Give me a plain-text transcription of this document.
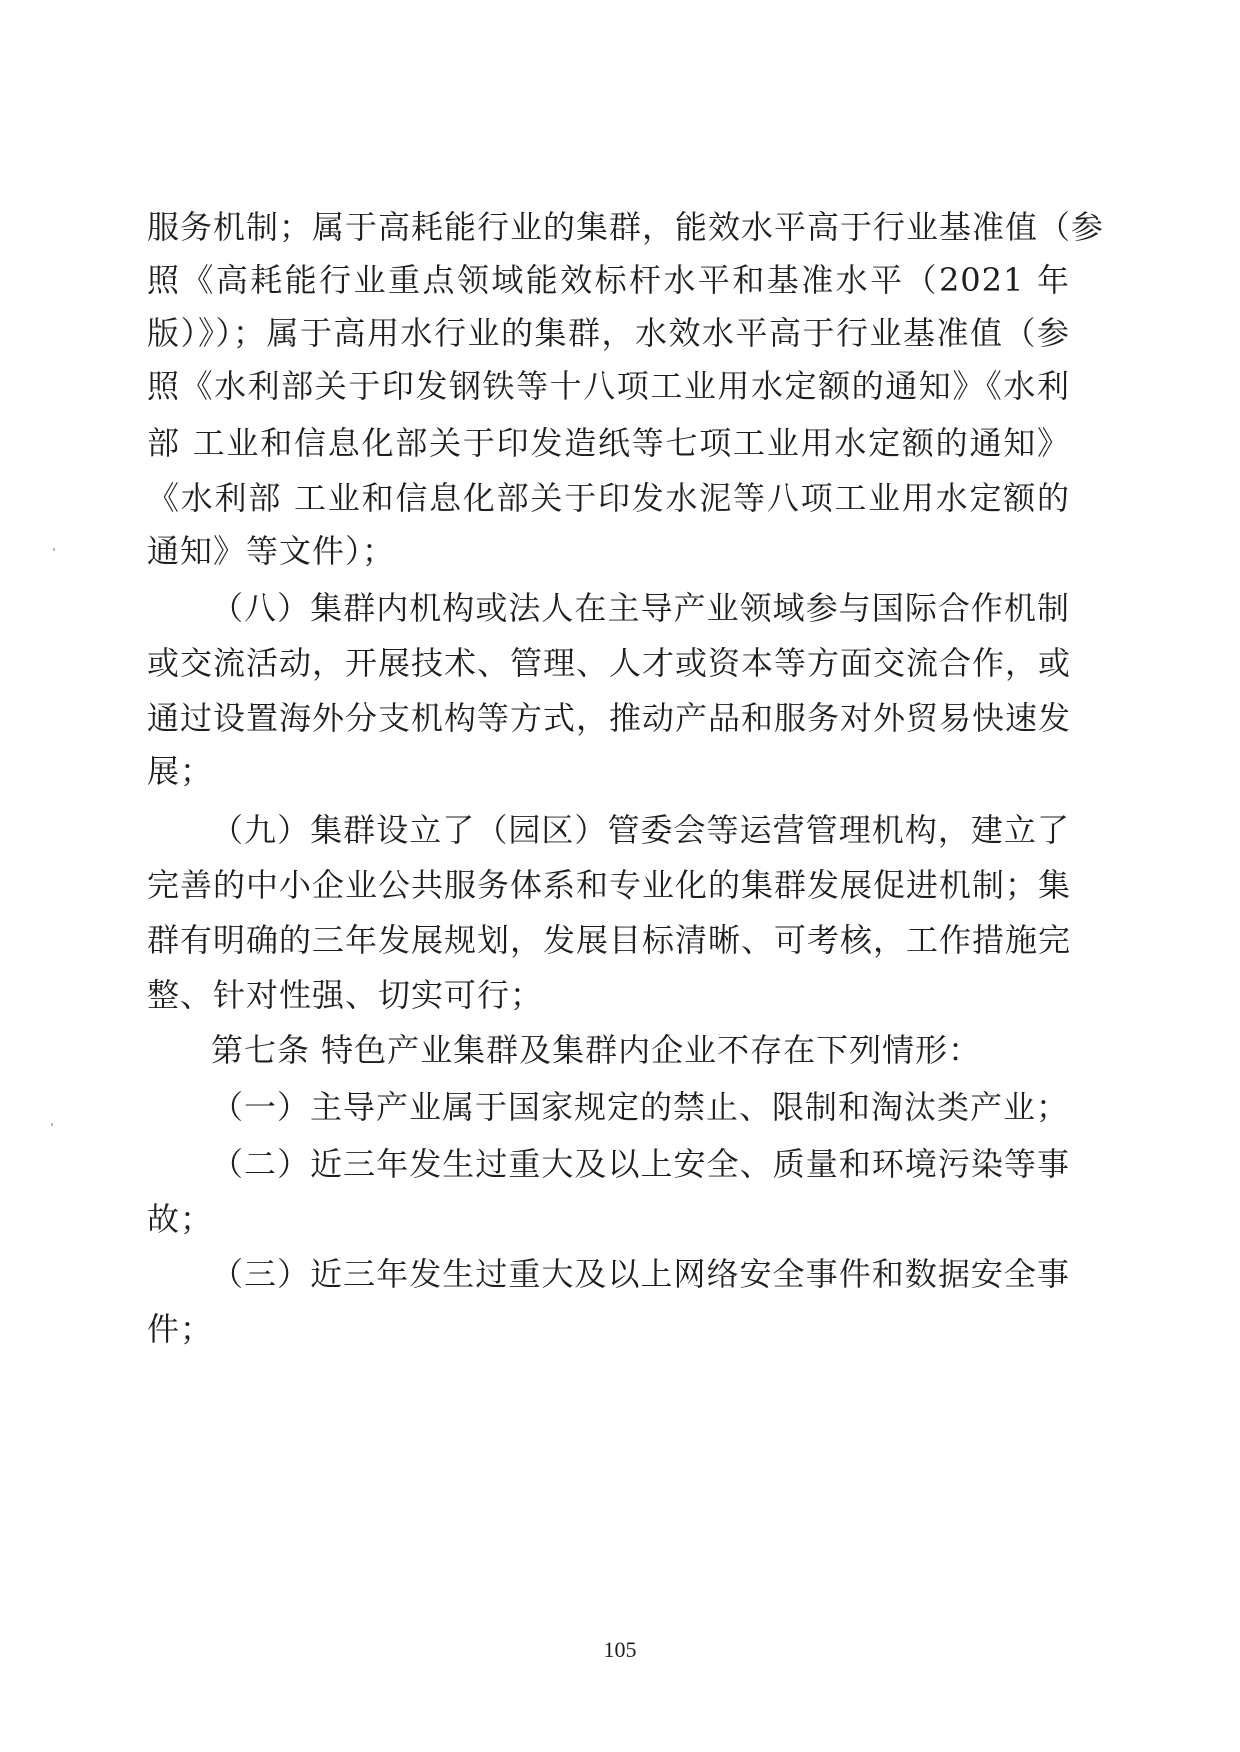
服务机制；属于高耗能行业的集群，能效水平高于行业基准值（参
照《高耗能行业重点领域能效标杆水平和基准水平（2021 年
版）》）；属于高用水行业的集群，水效水平高于行业基准值（参
照《水利部关于印发钢铁等十八项工业用水定额的通知》《水利
部 工业和信息化部关于印发造纸等七项工业用水定额的通知》
《水利部 工业和信息化部关于印发水泥等八项工业用水定额的
通知》等文件）；
（八）集群内机构或法人在主导产业领域参与国际合作机制
或交流活动，开展技术、管理、人才或资本等方面交流合作，或
通过设置海外分支机构等方式，推动产品和服务对外贸易快速发
展；
（九）集群设立了（园区）管委会等运营管理机构，建立了
完善的中小企业公共服务体系和专业化的集群发展促进机制；集
群有明确的三年发展规划，发展目标清晰、可考核，工作措施完
整、针对性强、切实可行；
第七条 特色产业集群及集群内企业不存在下列情形：
（一）主导产业属于国家规定的禁止、限制和淘汰类产业；
（二）近三年发生过重大及以上安全、质量和环境污染等事
故；
（三）近三年发生过重大及以上网络安全事件和数据安全事
件；
105
